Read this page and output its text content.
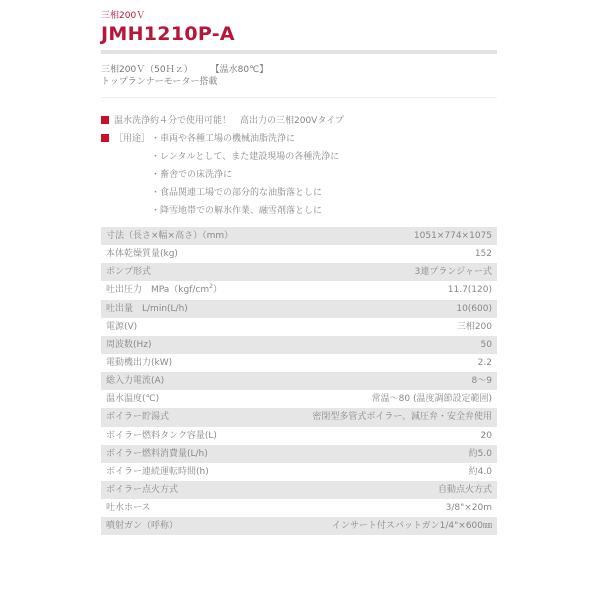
三相200Ｖ
JMH1210P-A
三相200Ｖ（50Ｈｚ） 【温水80℃】
トップランナーモーター搭載
温水洗浄約４分で使用可能！　高出力の三相200Vタイプ
［用途］ ・車両や各種工場の機械油脂洗浄に
・レンタルとして、また建設現場の各種洗浄に
・畜舎での床洗浄に
・食品関連工場での部分的な油脂落としに
・降雪地帯での解氷作業、融雪剤落としに
寸法（長さ×幅×高さ）（mm）	1051×774×1075
本体乾燥質量(kg)	152
ポンプ形式	3連プランジャー式
吐出圧力　$MPa(kgf/cm^2)$	11.7(120)
吐出量　L/min(L/h)	10(600)
電源(V)	三相200
周波数(Hz)	50
電動機出力(kW)	2.2
総入力電流(A)	8〜9
温水温度(℃)	常温〜80 (温度調節設定範囲)
ボイラー貯湯式	密閉型多管式ボイラー、減圧弁・安全弁使用
ボイラー燃料タンク容量(L)	20
ボイラー燃料消費量(L/h)	約5.0
ボイラー連続運転時間(h)	約4.0
ボイラー点火方式	自動点火方式
吐水ホース	3/8"×20m
噴射ガン（呼称）	インサート付スパットガン1/4"×600㎜
